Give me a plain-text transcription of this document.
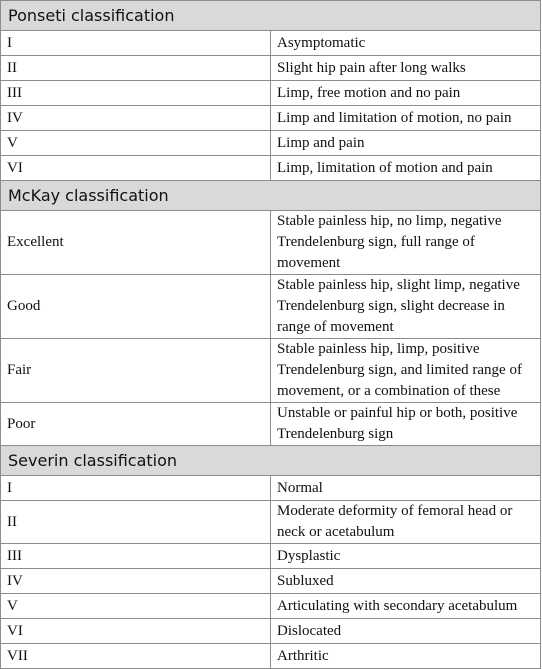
Ponseti classification	
I	Asymptomatic
II	Slight hip pain after long walks
III	Limp, free motion and no pain
IV	Limp and limitation of motion, no pain
V	Limp and pain
VI	Limp, limitation of motion and pain
McKay classification	
Excellent	Stable painless hip, no limp, negative Trendelenburg sign, full range of movement
Good	Stable painless hip, slight limp, negative Trendelenburg sign, slight decrease in range of movement
Fair	Stable painless hip, limp, positive Trendelenburg sign, and limited range of movement, or a combination of these
Poor	Unstable or painful hip or both, positive Trendelenburg sign
Severin classification	
I	Normal
II	Moderate deformity of femoral head or neck or acetabulum
III	Dysplastic
IV	Subluxed
V	Articulating with secondary acetabulum
VI	Dislocated
VII	Arthritic
